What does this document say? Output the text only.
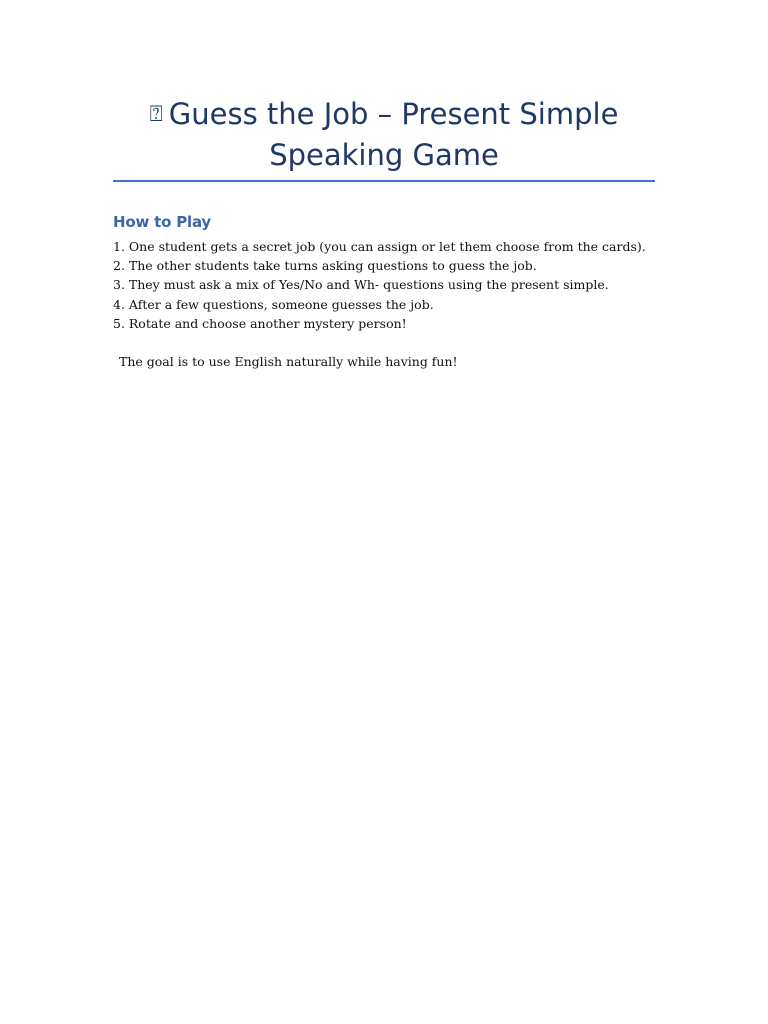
⍰ Guess the Job – Present Simple
Speaking Game
How to Play
1. One student gets a secret job (you can assign or let them choose from the cards).
2. The other students take turns asking questions to guess the job.
3. They must ask a mix of Yes/No and Wh- questions using the present simple.
4. After a few questions, someone guesses the job.
5. Rotate and choose another mystery person!

The goal is to use English naturally while having fun!
